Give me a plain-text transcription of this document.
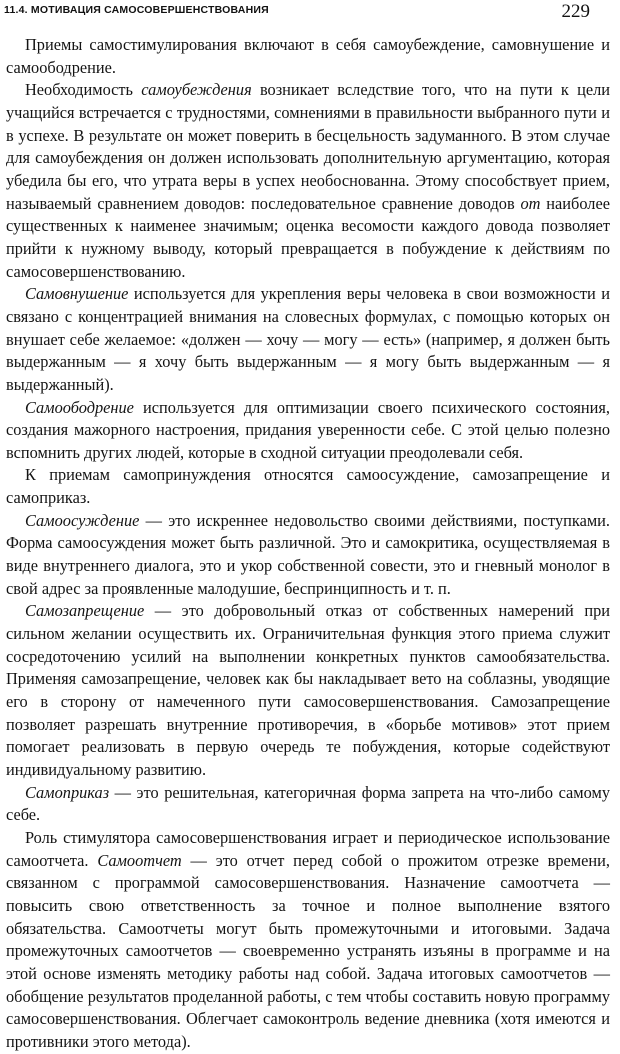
11.4. МОТИВАЦИЯ САМОСОВЕРШЕНСТВОВАНИЯ	229

Приемы самостимулирования включают в себя самоубеждение, самовнушение и самоободрение.

Необходимость самоубеждения возникает вследствие того, что на пути к цели учащийся встречается с трудностями, сомнениями в правильности выбранного пути и в успехе. В результате он может поверить в бесцельность задуманного. В этом случае для самоубеждения он должен использовать дополнительную аргументацию, которая убедила бы его, что утрата веры в успех необоснованна. Этому способствует прием, называемый сравнением доводов: последовательное сравнение доводов от наиболее существенных к наименее значимым; оценка весомости каждого довода позволяет прийти к нужному выводу, который превращается в побуждение к действиям по самосовершенствованию.

Самовнушение используется для укрепления веры человека в свои возможности и связано с концентрацией внимания на словесных формулах, с помощью которых он внушает себе желаемое: «должен — хочу — могу — есть» (например, я должен быть выдержанным — я хочу быть выдержанным — я могу быть выдержанным — я выдержанный).

Самоободрение используется для оптимизации своего психического состояния, создания мажорного настроения, придания уверенности себе. С этой целью полезно вспомнить других людей, которые в сходной ситуации преодолевали себя.

К приемам самопринуждения относятся самоосуждение, самозапрещение и самоприказ.

Самоосуждение — это искреннее недовольство своими действиями, поступками. Форма самоосуждения может быть различной. Это и самокритика, осуществляемая в виде внутреннего диалога, это и укор собственной совести, это и гневный монолог в свой адрес за проявленные малодушие, беспринципность и т. п.

Самозапрещение — это добровольный отказ от собственных намерений при сильном желании осуществить их. Ограничительная функция этого приема служит сосредоточению усилий на выполнении конкретных пунктов самообязательства. Применяя самозапрещение, человек как бы накладывает вето на соблазны, уводящие его в сторону от намеченного пути самосовершенствования. Самозапрещение позволяет разрешать внутренние противоречия, в «борьбе мотивов» этот прием помогает реализовать в первую очередь те побуждения, которые содействуют индивидуальному развитию.

Самоприказ — это решительная, категоричная форма запрета на что-либо самому себе.

Роль стимулятора самосовершенствования играет и периодическое использование самоотчета. Самоотчет — это отчет перед собой о прожитом отрезке времени, связанном с программой самосовершенствования. Назначение самоотчета — повысить свою ответственность за точное и полное выполнение взятого обязательства. Самоотчеты могут быть промежуточными и итоговыми. Задача промежуточных самоотчетов — своевременно устранять изъяны в программе и на этой основе изменять методику работы над собой. Задача итоговых самоотчетов — обобщение результатов проделанной работы, с тем чтобы составить новую программу самосовершенствования. Облегчает самоконтроль ведение дневника (хотя имеются и противники этого метода).
